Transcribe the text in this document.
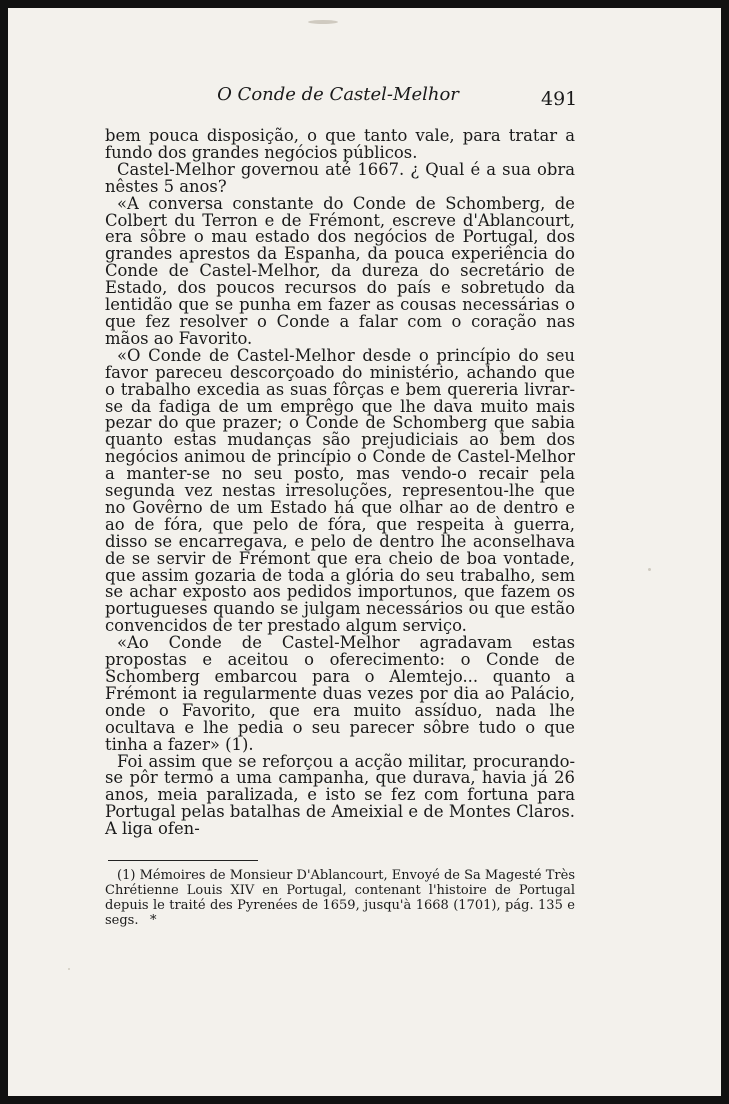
O Conde de Castel-Melhor	491

bem pouca disposição, o que tanto vale, para tratar a fundo dos grandes negócios públicos.

Castel-Melhor governou até 1667. ¿ Qual é a sua obra nêstes 5 anos?

«A conversa constante do Conde de Schomberg, de Colbert du Terron e de Frémont, escreve d'Ablancourt, era sôbre o mau estado dos negócios de Portugal, dos grandes aprestos da Espanha, da pouca experiência do Conde de Castel-Melhor, da dureza do secretário de Estado, dos poucos recursos do país e sobretudo da lentidão que se punha em fazer as cousas necessárias o que fez resolver o Conde a falar com o coração nas mãos ao Favorito.

«O Conde de Castel-Melhor desde o princípio do seu favor pareceu descorçoado do ministério, achando que o trabalho excedia as suas fôrças e bem quereria livrar-se da fadiga de um emprêgo que lhe dava muito mais pezar do que prazer; o Conde de Schomberg que sabia quanto estas mudanças são prejudiciais ao bem dos negócios animou de princípio o Conde de Castel-Melhor a manter-se no seu posto, mas vendo-o recair pela segunda vez nestas irresoluções, representou-lhe que no Govêrno de um Estado há que olhar ao de dentro e ao de fóra, que pelo de fóra, que respeita à guerra, disso se encarregava, e pelo de dentro lhe aconselhava de se servir de Frémont que era cheio de boa vontade, que assim gozaria de toda a glória do seu trabalho, sem se achar exposto aos pedidos importunos, que fazem os portugueses quando se julgam necessários ou que estão convencidos de ter prestado algum serviço.

«Ao Conde de Castel-Melhor agradavam estas propostas e aceitou o oferecimento: o Conde de Schomberg embarcou para o Alemtejo... quanto a Frémont ia regularmente duas vezes por dia ao Palácio, onde o Favorito, que era muito assíduo, nada lhe ocultava e lhe pedia o seu parecer sôbre tudo o que tinha a fazer» (1).

Foi assim que se reforçou a acção militar, procurando-se pôr termo a uma campanha, que durava, havia já 26 anos, meia paralizada, e isto se fez com fortuna para Portugal pelas batalhas de Ameixial e de Montes Claros. A liga ofen-

(1) Mémoires de Monsieur D'Ablancourt, Envoyé de Sa Magesté Très Chrétienne Louis XIV en Portugal, contenant l'histoire de Portugal depuis le traité des Pyrenées de 1659, jusqu'à 1668 (1701), pág. 135 e segs. *
